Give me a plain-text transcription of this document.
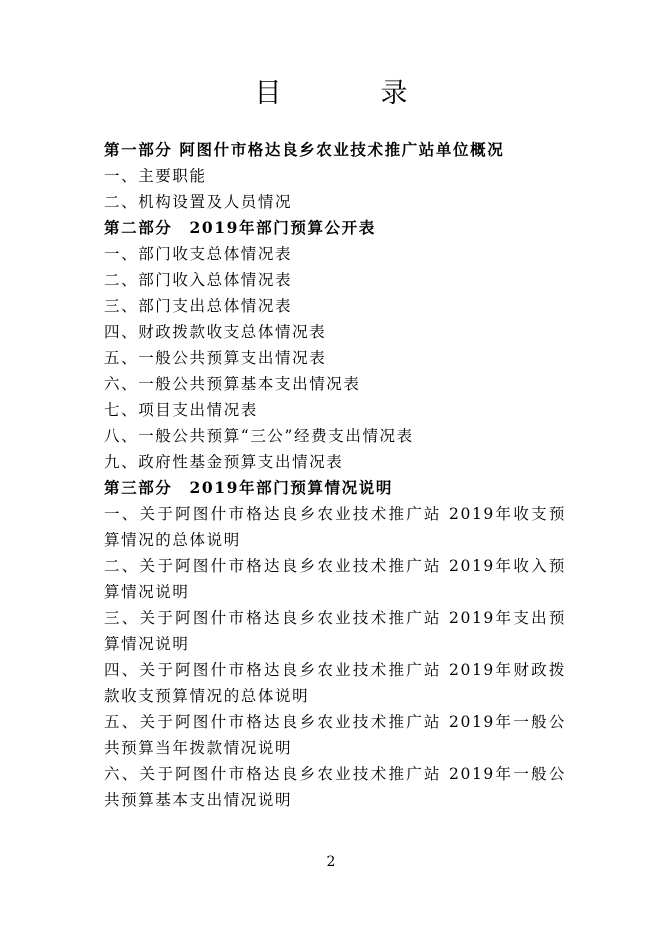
目　录
第一部分 阿图什市格达良乡农业技术推广站单位概况
一、主要职能
二、机构设置及人员情况
第二部分　2019年部门预算公开表
一、部门收支总体情况表
二、部门收入总体情况表
三、部门支出总体情况表
四、财政拨款收支总体情况表
五、一般公共预算支出情况表
六、一般公共预算基本支出情况表
七、项目支出情况表
八、一般公共预算“三公”经费支出情况表
九、政府性基金预算支出情况表
第三部分　2019年部门预算情况说明
一、关于阿图什市格达良乡农业技术推广站 2019年收支预算情况的总体说明
二、关于阿图什市格达良乡农业技术推广站 2019年收入预算情况说明
三、关于阿图什市格达良乡农业技术推广站 2019年支出预算情况说明
四、关于阿图什市格达良乡农业技术推广站 2019年财政拨款收支预算情况的总体说明
五、关于阿图什市格达良乡农业技术推广站 2019年一般公共预算当年拨款情况说明
六、关于阿图什市格达良乡农业技术推广站 2019年一般公共预算基本支出情况说明
2
